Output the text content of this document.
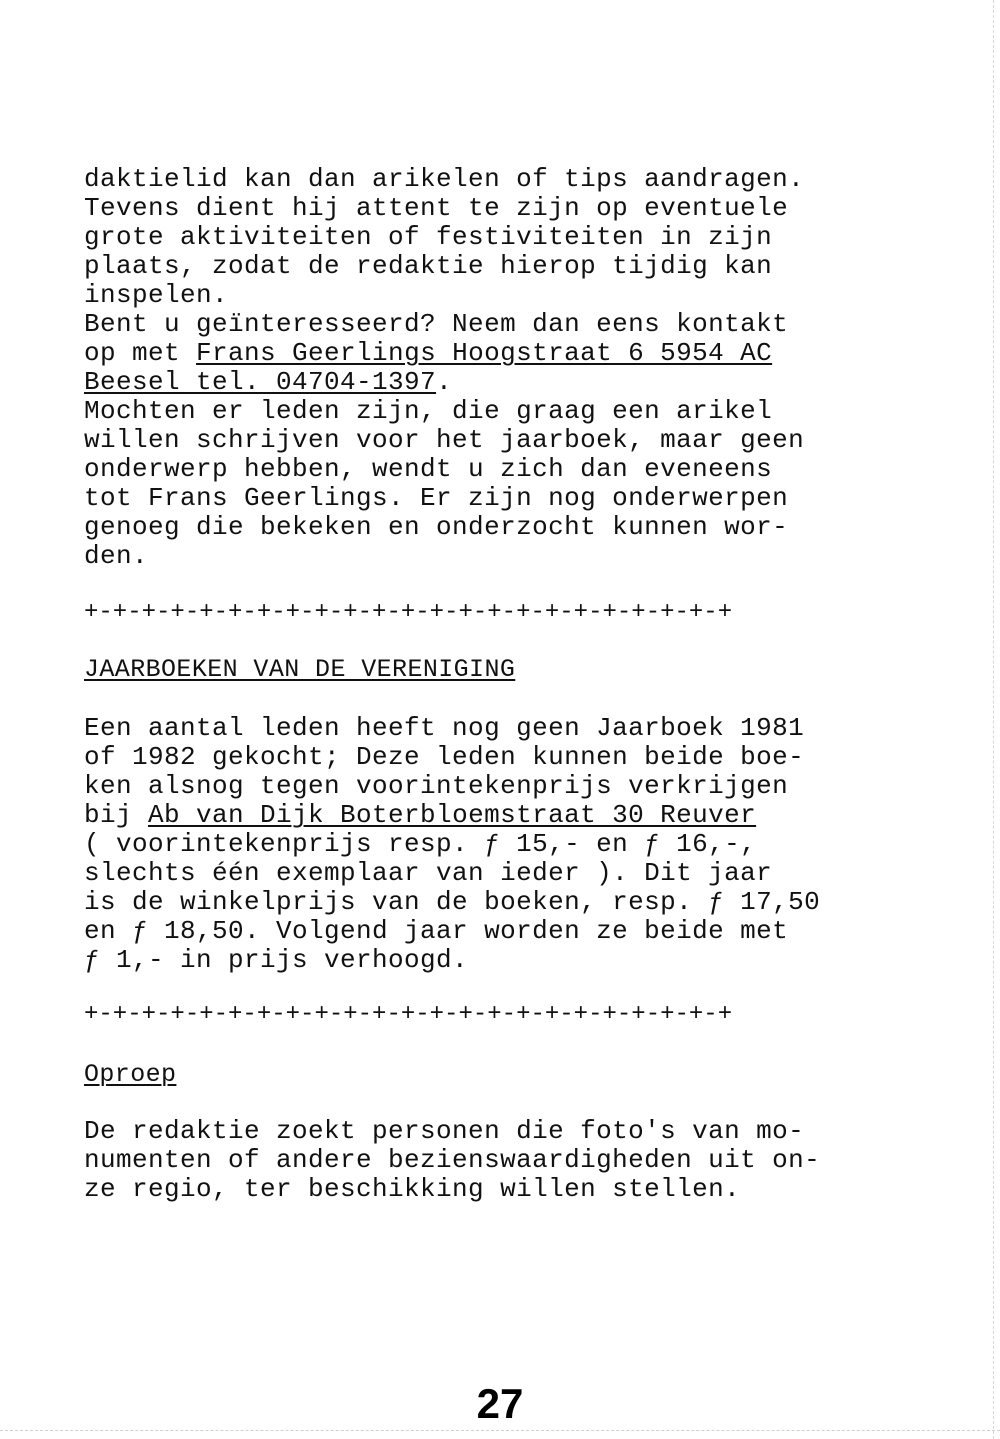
daktielid kan dan arikelen of tips aandragen.
Tevens dient hij attent te zijn op eventuele
grote aktiviteiten of festiviteiten in zijn
plaats, zodat de redaktie hierop tijdig kan
inspelen.
Bent u geïnteresseerd? Neem dan eens kontakt
op met Frans Geerlings Hoogstraat 6 5954 AC
Beesel tel. 04704-1397.
Mochten er leden zijn, die graag een arikel
willen schrijven voor het jaarboek, maar geen
onderwerp hebben, wendt u zich dan eveneens
tot Frans Geerlings. Er zijn nog onderwerpen
genoeg die bekeken en onderzocht kunnen wor-
den.
+-+-+-+-+-+-+-+-+-+-+-+-+-+-+-+-+-+-+-+-+-+-+
JAARBOEKEN VAN DE VERENIGING
Een aantal leden heeft nog geen Jaarboek 1981
of 1982 gekocht; Deze leden kunnen beide boe-
ken alsnog tegen voorintekenprijs verkrijgen
bij Ab van Dijk Boterbloemstraat 30 Reuver
( voorintekenprijs resp. ƒ 15,- en ƒ 16,-,
slechts één exemplaar van ieder ). Dit jaar
is de winkelprijs van de boeken, resp. ƒ 17,50
en ƒ 18,50. Volgend jaar worden ze beide met
ƒ 1,- in prijs verhoogd.
+-+-+-+-+-+-+-+-+-+-+-+-+-+-+-+-+-+-+-+-+-+-+
Oproep
De redaktie zoekt personen die foto's van mo-
numenten of andere bezienswaardigheden uit on-
ze regio, ter beschikking willen stellen.
27
